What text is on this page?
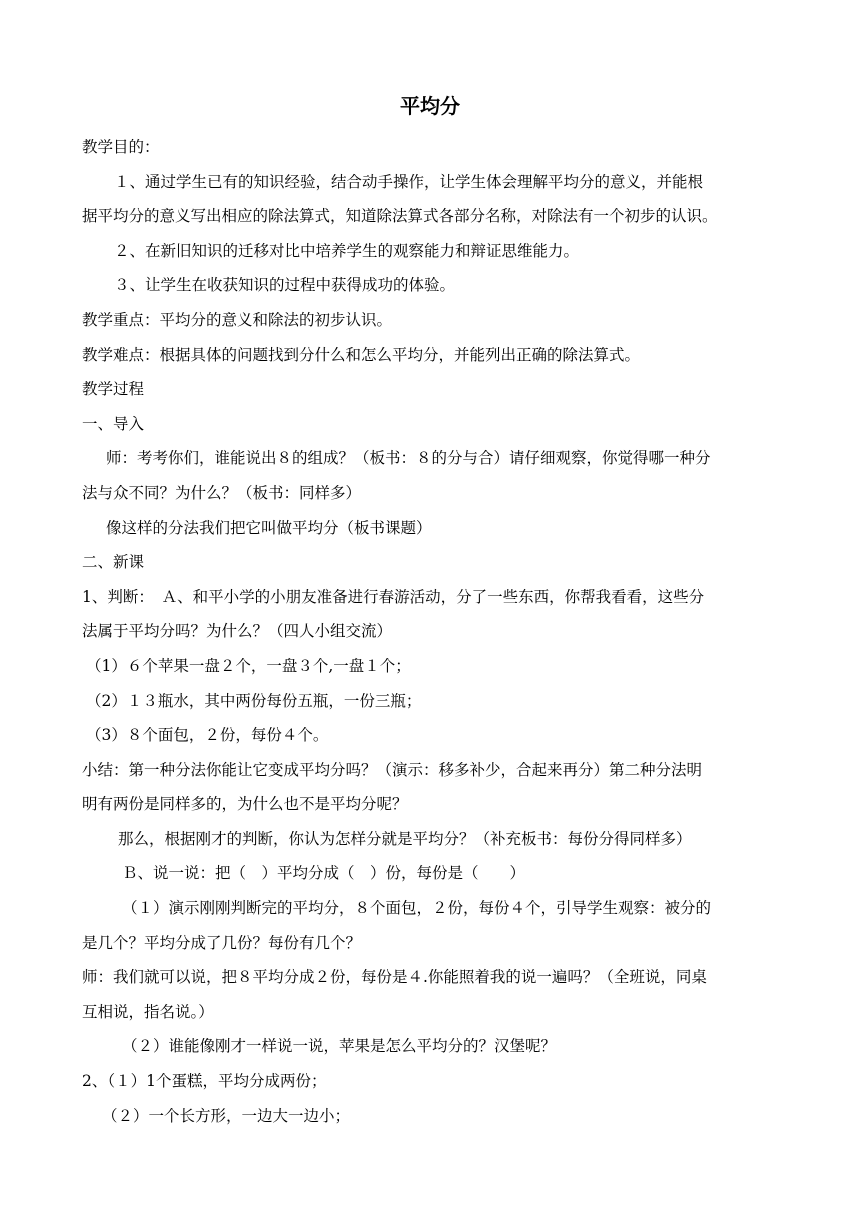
平均分
教学目的：
１、通过学生已有的知识经验，结合动手操作，让学生体会理解平均分的意义，并能根
据平均分的意义写出相应的除法算式，知道除法算式各部分名称，对除法有一个初步的认识。
２、在新旧知识的迁移对比中培养学生的观察能力和辩证思维能力。
３、让学生在收获知识的过程中获得成功的体验。
教学重点：平均分的意义和除法的初步认识。
教学难点：根据具体的问题找到分什么和怎么平均分，并能列出正确的除法算式。
教学过程
一、导入
师：考考你们，谁能说出８的组成？（板书：８的分与合）请仔细观察，你觉得哪一种分
法与众不同？为什么？（板书：同样多）
像这样的分法我们把它叫做平均分（板书课题）
二、新课
1、判断：　Ａ、和平小学的小朋友准备进行春游活动，分了一些东西，你帮我看看，这些分
法属于平均分吗？为什么？（四人小组交流）
（1）６个苹果一盘２个，一盘３个,一盘１个；
（2）１３瓶水，其中两份每份五瓶，一份三瓶；
（3）８个面包，２份，每份４个。
小结：第一种分法你能让它变成平均分吗？（演示：移多补少，合起来再分）第二种分法明
明有两份是同样多的，为什么也不是平均分呢？
那么，根据刚才的判断，你认为怎样分就是平均分？（补充板书：每份分得同样多）
Ｂ、说一说：把（　）平均分成（　）份，每份是（　　）
（１）演示刚刚判断完的平均分，８个面包，２份，每份４个，引导学生观察：被分的
是几个？平均分成了几份？每份有几个？
师：我们就可以说，把８平均分成２份，每份是４.你能照着我的说一遍吗？（全班说，同桌
互相说，指名说。）
（２）谁能像刚才一样说一说，苹果是怎么平均分的？汉堡呢？
2、（１）1个蛋糕，平均分成两份；
（２）一个长方形，一边大一边小；
